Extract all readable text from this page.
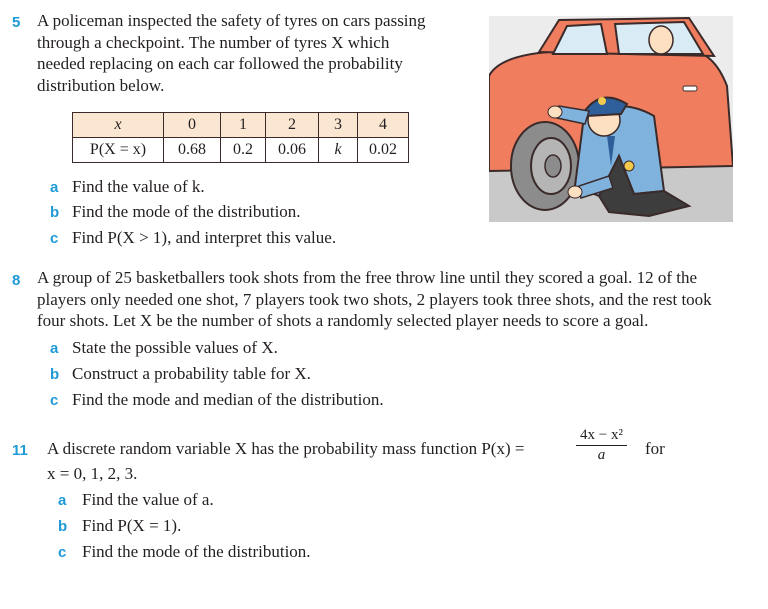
5 A policeman inspected the safety of tyres on cars passing
through a checkpoint. The number of tyres X which
needed replacing on each car followed the probability
distribution below.
x	0	1	2	3	4
P(X = x)	0.68	0.2	0.06	k	0.02
a Find the value of k.
b Find the mode of the distribution.
c Find P(X > 1), and interpret this value.
8 A group of 25 basketballers took shots from the free throw line until they scored a goal. 12 of the
players only needed one shot, 7 players took two shots, 2 players took three shots, and the rest took
four shots. Let X be the number of shots a randomly selected player needs to score a goal.
a State the possible values of X.
b Construct a probability table for X.
c Find the mode and median of the distribution.
11 A discrete random variable X has the probability mass function P(x) =	$\frac{\text{4x − x²}}{a}$ for
x = 0, 1, 2, 3.
a Find the value of a.
b Find P(X = 1).
c Find the mode of the distribution.
